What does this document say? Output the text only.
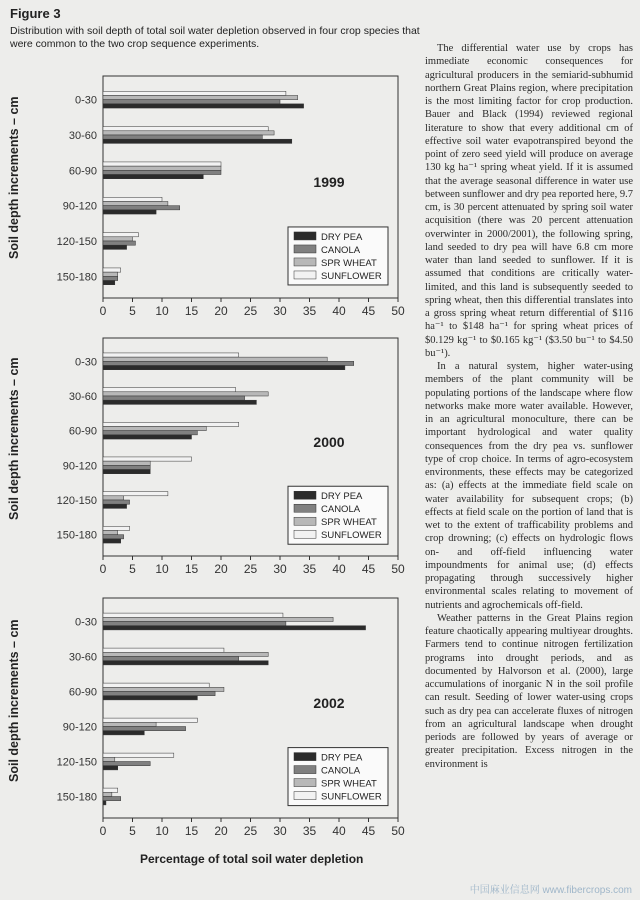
Figure 3
Distribution with soil depth of total soil water depletion observed in four crop species that were common to the two crop sequence experiments.
Soil depth increments – cm
Soil depth increments – cm
Soil depth increments – cm
0 5 10 15 20 25 30 35 40 45 50
0-30
30-60
60-90
90-120
120-150
150-180
1999
DRY PEA
CANOLA
SPR WHEAT
SUNFLOWER
0 5 10 15 20 25 30 35 40 45 50
0-30
30-60
60-90
90-120
120-150
150-180
2000
DRY PEA
CANOLA
SPR WHEAT
SUNFLOWER
0 5 10 15 20 25 30 35 40 45 50
0-30
30-60
60-90
90-120
120-150
150-180
2002
DRY PEA
CANOLA
SPR WHEAT
SUNFLOWER
Percentage of total soil water depletion

The differential water use by crops has immediate economic consequences for agricultural producers in the semiarid-subhumid northern Great Plains region, where precipitation is the most limiting factor for crop production. Bauer and Black (1994) reviewed regional literature to show that every additional cm of effective soil water evapotranspired beyond the point of zero seed yield will produce on average 130 kg ha⁻¹ spring wheat yield. If it is assumed that the average seasonal difference in water use between sunflower and dry pea reported here, 9.7 cm, is 30 percent attenuated by spring soil water acquisition (there was 20 percent attenuation overwinter in 2000/2001), the following spring, land seeded to dry pea will have 6.8 cm more water than land seeded to sunflower. If it is assumed that conditions are critically water-limited, and this land is subsequently seeded to spring wheat, then this differential translates into a gross spring wheat return differential of $116 ha⁻¹ to $148 ha⁻¹ for spring wheat prices of $0.129 kg⁻¹ to $0.165 kg⁻¹ ($3.50 bu⁻¹ to $4.50 bu⁻¹).

In a natural system, higher water-using members of the plant community will be populating portions of the landscape where flow networks make more water available. However, in an agricultural monoculture, there can be important hydrological and water quality consequences from the dry pea vs. sunflower type of crop choice. In terms of agro-ecosystem environments, these effects may be categorized as: (a) effects at the immediate field scale on water availability for subsequent crops; (b) effects at field scale on the portion of land that is wet to the extent of trafficability problems and crop drowning; (c) effects on hydrologic flows on- and off-field influencing water impoundments for animal use; (d) effects propagating through successively higher environmental scales relating to movement of nutrients and agrochemicals off-field.

Weather patterns in the Great Plains region feature chaotically appearing multiyear droughts. Farmers tend to continue nitrogen fertilization programs into drought periods, and as documented by Halvorson et al. (2000), large accumulations of inorganic N in the soil profile can result. Seeding of lower water-using crops such as dry pea can accelerate fluxes of nitrogen from an agricultural landscape when drought periods are followed by years of average or greater precipitation. Excess nitrogen in the environment is

中国麻业信息网 www.fibercrops.com
